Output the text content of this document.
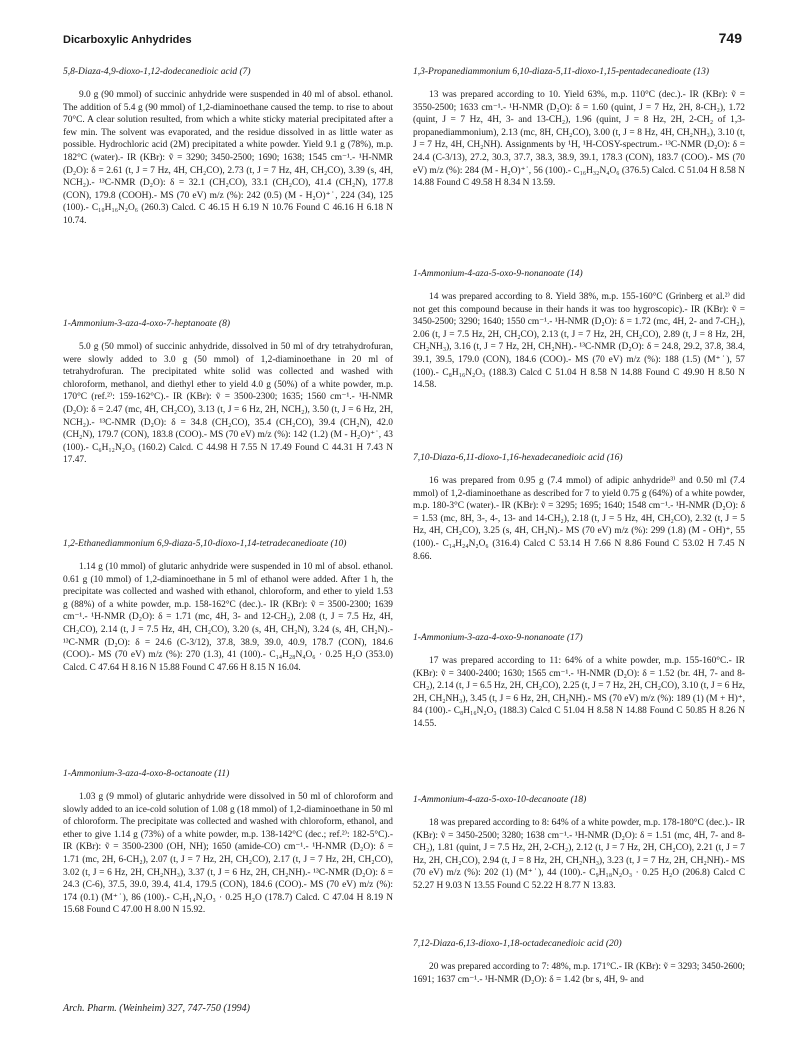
Dicarboxylic Anhydrides	749

5,8-Diaza-4,9-dioxo-1,12-dodecanedioic acid (7)

9.0 g (90 mmol) of succinic anhydride were suspended in 40 ml of absol. ethanol. The addition of 5.4 g (90 mmol) of 1,2-diaminoethane caused the temp. to rise to about 70°C. A clear solution resulted, from which a white sticky material precipitated after a few min. The solvent was evaporated, and the residue dissolved in as little water as possible. Hydrochloric acid (2M) precipitated a white powder. Yield 9.1 g (78%), m.p. 182°C (water).- IR (KBr): ṽ = 3290; 3450-2500; 1690; 1638; 1545 cm⁻¹.- ¹H-NMR (D₂O): δ = 2.61 (t, J = 7 Hz, 4H, CH₂CO), 2.73 (t, J = 7 Hz, 4H, CH₂CO), 3.39 (s, 4H, NCH₂).- ¹³C-NMR (D₂O): δ = 32.1 (CH₂CO), 33.1 (CH₂CO), 41.4 (CH₂N), 177.8 (CON), 179.8 (COOH).- MS (70 eV) m/z (%): 242 (0.5) (M - H₂O)⁺˙, 224 (34), 125 (100).- C₁₀H₁₆N₂O₆ (260.3) Calcd. C 46.15 H 6.19 N 10.76 Found C 46.16 H 6.18 N 10.74.

1-Ammonium-3-aza-4-oxo-7-heptanoate (8)

5.0 g (50 mmol) of succinic anhydride, dissolved in 50 ml of dry tetrahydrofuran, were slowly added to 3.0 g (50 mmol) of 1,2-diaminoethane in 20 ml of tetrahydrofuran. The precipitated white solid was collected and washed with chloroform, methanol, and diethyl ether to yield 4.0 g (50%) of a white powder, m.p. 170°C (ref.²⁾: 159-162°C).- IR (KBr): ṽ = 3500-2300; 1635; 1560 cm⁻¹.- ¹H-NMR (D₂O): δ = 2.47 (mc, 4H, CH₂CO), 3.13 (t, J = 6 Hz, 2H, NCH₂), 3.50 (t, J = 6 Hz, 2H, NCH₂).- ¹³C-NMR (D₂O): δ = 34.8 (CH₂CO), 35.4 (CH₂CO), 39.4 (CH₂N), 42.0 (CH₂N), 179.7 (CON), 183.8 (COO).- MS (70 eV) m/z (%): 142 (1.2) (M - H₂O)⁺˙, 43 (100).- C₆H₁₂N₂O₃ (160.2) Calcd. C 44.98 H 7.55 N 17.49 Found C 44.31 H 7.43 N 17.47.

1,2-Ethanediammonium 6,9-diaza-5,10-dioxo-1,14-tetradecanedioate (10)

1.14 g (10 mmol) of glutaric anhydride were suspended in 10 ml of absol. ethanol. 0.61 g (10 mmol) of 1,2-diaminoethane in 5 ml of ethanol were added. After 1 h, the precipitate was collected and washed with ethanol, chloroform, and ether to yield 1.53 g (88%) of a white powder, m.p. 158-162°C (dec.).- IR (KBr): ṽ = 3500-2300; 1639 cm⁻¹.- ¹H-NMR (D₂O): δ = 1.71 (mc, 4H, 3- and 12-CH₂), 2.08 (t, J = 7.5 Hz, 4H, CH₂CO), 2.14 (t, J = 7.5 Hz, 4H, CH₂CO), 3.20 (s, 4H, CH₂N), 3.24 (s, 4H, CH₂N).- ¹³C-NMR (D₂O): δ = 24.6 (C-3/12), 37.8, 38.9, 39.0, 40.9, 178.7 (CON), 184.6 (COO).- MS (70 eV) m/z (%): 270 (1.3), 41 (100).- C₁₄H₂₈N₄O₆ · 0.25 H₂O (353.0) Calcd. C 47.64 H 8.16 N 15.88 Found C 47.66 H 8.15 N 16.04.

1-Ammonium-3-aza-4-oxo-8-octanoate (11)

1.03 g (9 mmol) of glutaric anhydride were dissolved in 50 ml of chloroform and slowly added to an ice-cold solution of 1.08 g (18 mmol) of 1,2-diaminoethane in 50 ml of chloroform. The precipitate was collected and washed with chloroform, ethanol, and ether to give 1.14 g (73%) of a white powder, m.p. 138-142°C (dec.; ref.²⁾: 182-5°C).- IR (KBr): ṽ = 3500-2300 (OH, NH); 1650 (amide-CO) cm⁻¹.- ¹H-NMR (D₂O): δ = 1.71 (mc, 2H, 6-CH₂), 2.07 (t, J = 7 Hz, 2H, CH₂CO), 2.17 (t, J = 7 Hz, 2H, CH₂CO), 3.02 (t, J = 6 Hz, 2H, CH₂NH₃), 3.37 (t, J = 6 Hz, 2H, CH₂NH).- ¹³C-NMR (D₂O): δ = 24.3 (C-6), 37.5, 39.0, 39.4, 41.4, 179.5 (CON), 184.6 (COO).- MS (70 eV) m/z (%): 174 (0.1) (M⁺˙), 86 (100).- C₇H₁₄N₂O₃ · 0.25 H₂O (178.7) Calcd. C 47.04 H 8.19 N 15.68 Found C 47.00 H 8.00 N 15.92.

1,3-Propanediammonium 6,10-diaza-5,11-dioxo-1,15-pentadecanedioate (13)

13 was prepared according to 10. Yield 63%, m.p. 110°C (dec.).- IR (KBr): ṽ = 3550-2500; 1633 cm⁻¹.- ¹H-NMR (D₂O): δ = 1.60 (quint, J = 7 Hz, 2H, 8-CH₂), 1.72 (quint, J = 7 Hz, 4H, 3- and 13-CH₂), 1.96 (quint, J = 8 Hz, 2H, 2-CH₂ of 1,3-propanediammonium), 2.13 (mc, 8H, CH₂CO), 3.00 (t, J = 8 Hz, 4H, CH₂NH₃), 3.10 (t, J = 7 Hz, 4H, CH₂NH). Assignments by ¹H, ¹H-COSY-spectrum.- ¹³C-NMR (D₂O): δ = 24.4 (C-3/13), 27.2, 30.3, 37.7, 38.3, 38.9, 39.1, 178.3 (CON), 183.7 (COO).- MS (70 eV) m/z (%): 284 (M - H₂O)⁺˙, 56 (100).- C₁₆H₃₂N₄O₆ (376.5) Calcd. C 51.04 H 8.58 N 14.88 Found C 49.58 H 8.34 N 13.59.

1-Ammonium-4-aza-5-oxo-9-nonanoate (14)

14 was prepared according to 8. Yield 38%, m.p. 155-160°C (Grinberg et al.²⁾ did not get this compound because in their hands it was too hygroscopic).- IR (KBr): ṽ = 3450-2500; 3290; 1640; 1550 cm⁻¹.- ¹H-NMR (D₂O): δ = 1.72 (mc, 4H, 2- and 7-CH₂), 2.06 (t, J = 7.5 Hz, 2H, CH₂CO), 2.13 (t, J = 7 Hz, 2H, CH₂CO), 2.89 (t, J = 8 Hz, 2H, CH₂NH₃), 3.16 (t, J = 7 Hz, 2H, CH₂NH).- ¹³C-NMR (D₂O): δ = 24.8, 29.2, 37.8, 38.4, 39.1, 39.5, 179.0 (CON), 184.6 (COO).- MS (70 eV) m/z (%): 188 (1.5) (M⁺˙), 57 (100).- C₈H₁₆N₂O₃ (188.3) Calcd C 51.04 H 8.58 N 14.88 Found C 49.90 H 8.50 N 14.58.

7,10-Diaza-6,11-dioxo-1,16-hexadecanedioic acid (16)

16 was prepared from 0.95 g (7.4 mmol) of adipic anhydride³⁾ and 0.50 ml (7.4 mmol) of 1,2-diaminoethane as described for 7 to yield 0.75 g (64%) of a white powder, m.p. 180-3°C (water).- IR (KBr): ṽ = 3295; 1695; 1640; 1548 cm⁻¹.- ¹H-NMR (D₂O): δ = 1.53 (mc, 8H, 3-, 4-, 13- and 14-CH₂), 2.18 (t, J = 5 Hz, 4H, CH₂CO), 2.32 (t, J = 5 Hz, 4H, CH₂CO), 3.25 (s, 4H, CH₂N).- MS (70 eV) m/z (%): 299 (1.8) (M - OH)⁺, 55 (100).- C₁₄H₂₄N₂O₆ (316.4) Calcd C 53.14 H 7.66 N 8.86 Found C 53.02 H 7.45 N 8.66.

1-Ammonium-3-aza-4-oxo-9-nonanoate (17)

17 was prepared according to 11: 64% of a white powder, m.p. 155-160°C.- IR (KBr): ṽ = 3400-2400; 1630; 1565 cm⁻¹.- ¹H-NMR (D₂O): δ = 1.52 (br. 4H, 7- and 8-CH₂), 2.14 (t, J = 6.5 Hz, 2H, CH₂CO), 2.25 (t, J = 7 Hz, 2H, CH₂CO), 3.10 (t, J = 6 Hz, 2H, CH₂NH₃), 3.45 (t, J = 6 Hz, 2H, CH₂NH).- MS (70 eV) m/z (%): 189 (1) (M + H)⁺, 84 (100).- C₈H₁₆N₂O₃ (188.3) Calcd C 51.04 H 8.58 N 14.88 Found C 50.85 H 8.26 N 14.55.

1-Ammonium-4-aza-5-oxo-10-decanoate (18)

18 was prepared according to 8: 64% of a white powder, m.p. 178-180°C (dec.).- IR (KBr): ṽ = 3450-2500; 3280; 1638 cm⁻¹.- ¹H-NMR (D₂O): δ = 1.51 (mc, 4H, 7- and 8-CH₂), 1.81 (quint, J = 7.5 Hz, 2H, 2-CH₂), 2.12 (t, J = 7 Hz, 2H, CH₂CO), 2.21 (t, J = 7 Hz, 2H, CH₂CO), 2.94 (t, J = 8 Hz, 2H, CH₂NH₃), 3.23 (t, J = 7 Hz, 2H, CH₂NH).- MS (70 eV) m/z (%): 202 (1) (M⁺˙), 44 (100).- C₉H₁₈N₂O₃ · 0.25 H₂O (206.8) Calcd C 52.27 H 9.03 N 13.55 Found C 52.22 H 8.77 N 13.83.

7,12-Diaza-6,13-dioxo-1,18-octadecanedioic acid (20)

20 was prepared according to 7: 48%, m.p. 171°C.- IR (KBr): ṽ = 3293; 3450-2600; 1691; 1637 cm⁻¹.- ¹H-NMR (D₂O): δ = 1.42 (br s, 4H, 9- and

Arch. Pharm. (Weinheim) 327, 747-750 (1994)
